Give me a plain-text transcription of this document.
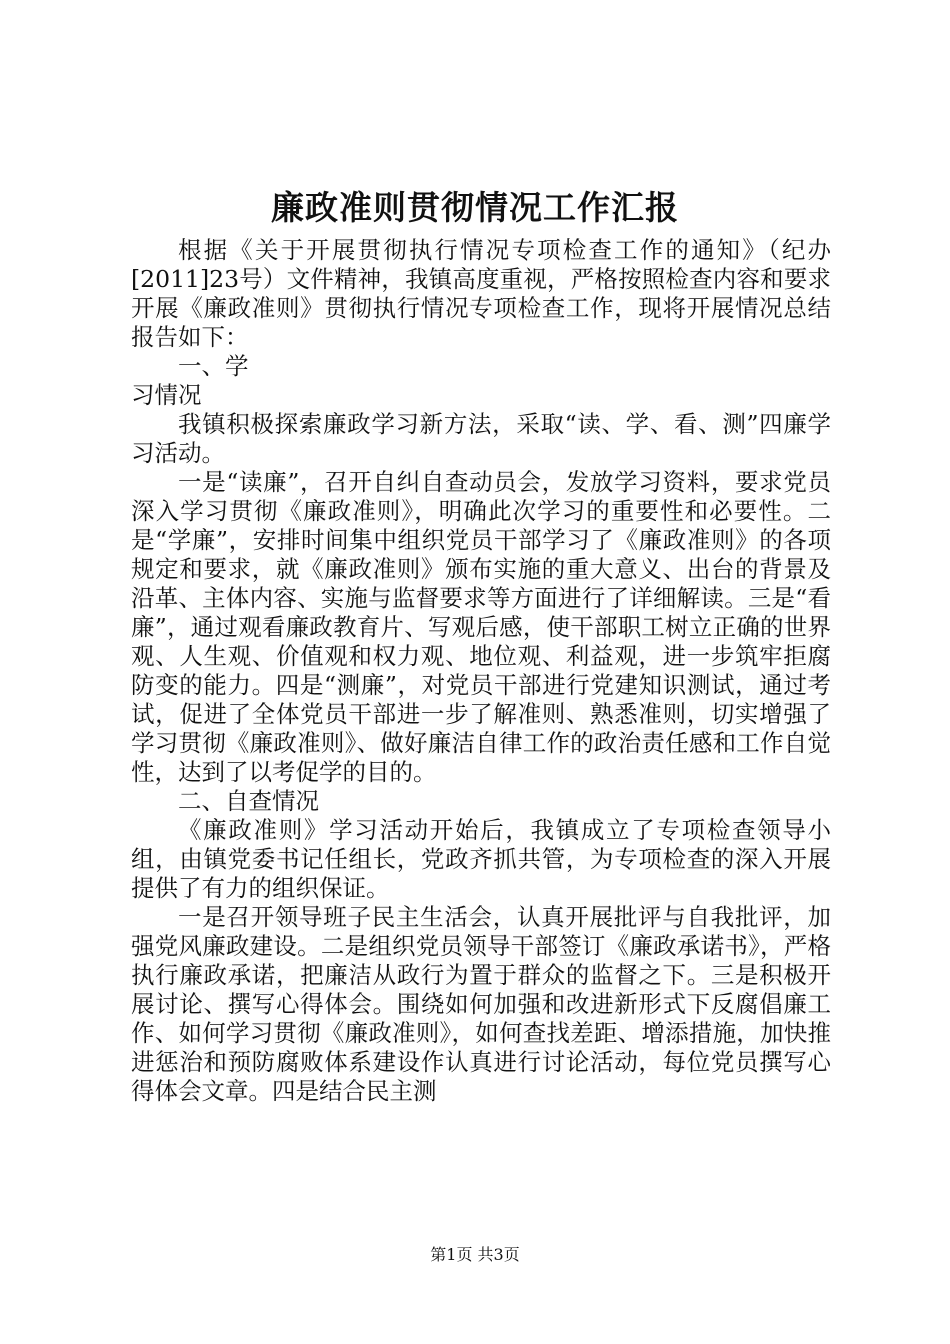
廉政准则贯彻情况工作汇报

根据《关于开展贯彻执行情况专项检查工作的通知》（纪办[2011]23号）文件精神，我镇高度重视，严格按照检查内容和要求开展《廉政准则》贯彻执行情况专项检查工作，现将开展情况总结报告如下：

一、学
习情况

我镇积极探索廉政学习新方法，采取“读、学、看、测”四廉学习活动。

一是“读廉”，召开自纠自查动员会，发放学习资料，要求党员深入学习贯彻《廉政准则》，明确此次学习的重要性和必要性。二是“学廉”，安排时间集中组织党员干部学习了《廉政准则》的各项规定和要求，就《廉政准则》颁布实施的重大意义、出台的背景及沿革、主体内容、实施与监督要求等方面进行了详细解读。三是“看廉”，通过观看廉政教育片、写观后感，使干部职工树立正确的世界观、人生观、价值观和权力观、地位观、利益观，进一步筑牢拒腐防变的能力。四是“测廉”，对党员干部进行党建知识测试，通过考试，促进了全体党员干部进一步了解准则、熟悉准则，切实增强了学习贯彻《廉政准则》、做好廉洁自律工作的政治责任感和工作自觉性，达到了以考促学的目的。

二、自查情况

《廉政准则》学习活动开始后，我镇成立了专项检查领导小组，由镇党委书记任组长，党政齐抓共管，为专项检查的深入开展提供了有力的组织保证。

一是召开领导班子民主生活会，认真开展批评与自我批评，加强党风廉政建设。二是组织党员领导干部签订《廉政承诺书》，严格执行廉政承诺，把廉洁从政行为置于群众的监督之下。三是积极开展讨论、撰写心得体会。围绕如何加强和改进新形式下反腐倡廉工作、如何学习贯彻《廉政准则》，如何查找差距、增添措施，加快推进惩治和预防腐败体系建设作认真进行讨论活动，每位党员撰写心得体会文章。四是结合民主测

第1页 共3页
